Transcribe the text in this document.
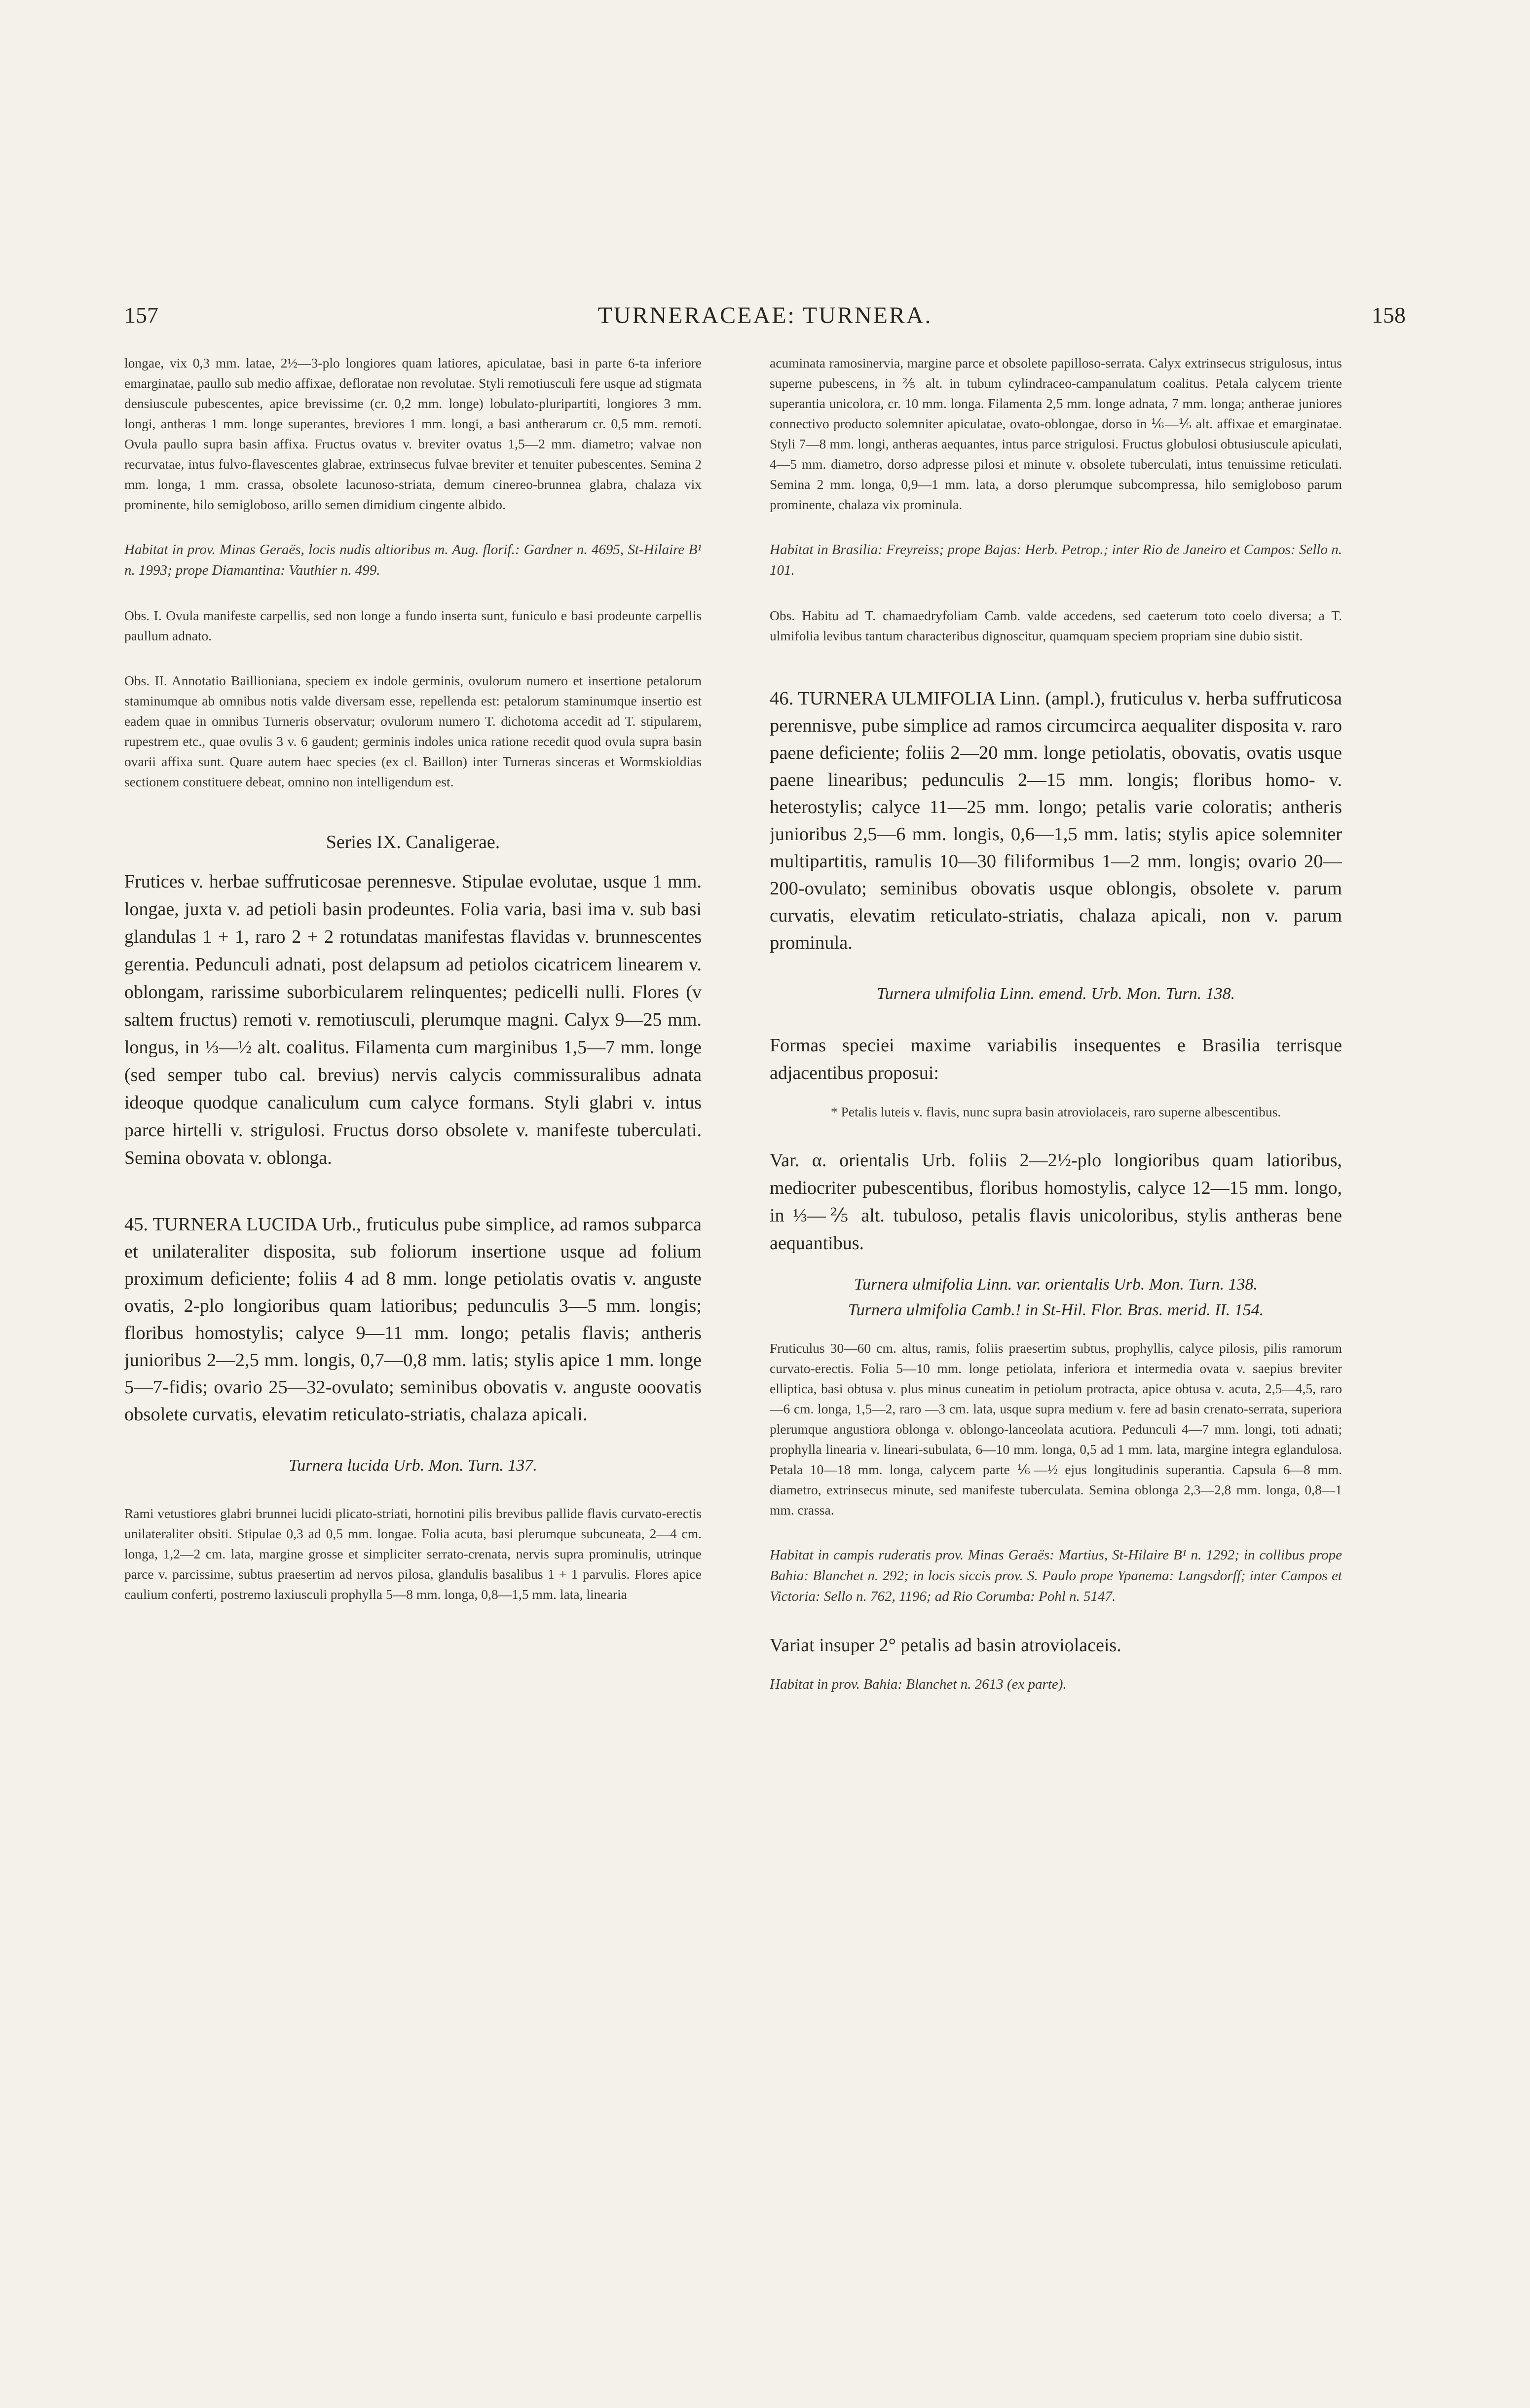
157	TURNERACEAE: TURNERA.	158

longae, vix 0,3 mm. latae, 2½—3-plo longiores quam latiores, apiculatae, basi in parte 6-ta inferiore emarginatae, paullo sub medio affixae, defloratae non revolutae. Styli remotiusculi fere usque ad stigmata densiuscule pubescentes, apice brevissime (cr. 0,2 mm. longe) lobulato-pluripartiti, longiores 3 mm. longi, antheras 1 mm. longe superantes, breviores 1 mm. longi, a basi antherarum cr. 0,5 mm. remoti. Ovula paullo supra basin affixa. Fructus ovatus v. breviter ovatus 1,5—2 mm. diametro; valvae non recurvatae, intus fulvo-flavescentes glabrae, extrinsecus fulvae breviter et tenuiter pubescentes. Semina 2 mm. longa, 1 mm. crassa, obsolete lacunoso-striata, demum cinereo-brunnea glabra, chalaza vix prominente, hilo semigloboso, arillo semen dimidium cingente albido.

Habitat in prov. Minas Geraës, locis nudis altioribus m. Aug. florif.: Gardner n. 4695, St-Hilaire B¹ n. 1993; prope Diamantina: Vauthier n. 499.

Obs. I. Ovula manifeste carpellis, sed non longe a fundo inserta sunt, funiculo e basi prodeunte carpellis paullum adnato.

Obs. II. Annotatio Baillioniana, speciem ex indole germinis, ovulorum numero et insertione petalorum staminumque ab omnibus notis valde diversam esse, repellenda est: petalorum staminumque insertio est eadem quae in omnibus Turneris observatur; ovulorum numero T. dichotoma accedit ad T. stipularem, rupestrem etc., quae ovulis 3 v. 6 gaudent; germinis indoles unica ratione recedit quod ovula supra basin ovarii affixa sunt. Quare autem haec species (ex cl. Baillon) inter Turneras sinceras et Wormskioldias sectionem constituere debeat, omnino non intelligendum est.

Series IX. Canaligerae.

Frutices v. herbae suffruticosae perennesve. Stipulae evolutae, usque 1 mm. longae, juxta v. ad petioli basin prodeuntes. Folia varia, basi ima v. sub basi glandulas 1 + 1, raro 2 + 2 rotundatas manifestas flavidas v. brunnescentes gerentia. Pedunculi adnati, post delapsum ad petiolos cicatricem linearem v. oblongam, rarissime suborbicularem relinquentes; pedicelli nulli. Flores (v saltem fructus) remoti v. remotiusculi, plerumque magni. Calyx 9—25 mm. longus, in ⅓—½ alt. coalitus. Filamenta cum marginibus 1,5—7 mm. longe (sed semper tubo cal. brevius) nervis calycis commissuralibus adnata ideoque quodque canaliculum cum calyce formans. Styli glabri v. intus parce hirtelli v. strigulosi. Fructus dorso obsolete v. manifeste tuberculati. Semina obovata v. oblonga.

45. TURNERA LUCIDA Urb., fruticulus pube simplice, ad ramos subparca et unilateraliter disposita, sub foliorum insertione usque ad folium proximum deficiente; foliis 4 ad 8 mm. longe petiolatis ovatis v. anguste ovatis, 2-plo longioribus quam latioribus; pedunculis 3—5 mm. longis; floribus homostylis; calyce 9—11 mm. longo; petalis flavis; antheris junioribus 2—2,5 mm. longis, 0,7—0,8 mm. latis; stylis apice 1 mm. longe 5—7-fidis; ovario 25—32-ovulato; seminibus obovatis v. anguste ooovatis obsolete curvatis, elevatim reticulato-striatis, chalaza apicali.

Turnera lucida Urb. Mon. Turn. 137.

Rami vetustiores glabri brunnei lucidi plicato-striati, hornotini pilis brevibus pallide flavis curvato-erectis unilateraliter obsiti. Stipulae 0,3 ad 0,5 mm. longae. Folia acuta, basi plerumque subcuneata, 2—4 cm. longa, 1,2—2 cm. lata, margine grosse et simpliciter serrato-crenata, nervis supra prominulis, utrinque parce v. parcissime, subtus praesertim ad nervos pilosa, glandulis basalibus 1 + 1 parvulis. Flores apice caulium conferti, postremo laxiusculi prophylla 5—8 mm. longa, 0,8—1,5 mm. lata, linearia

acuminata ramosinervia, margine parce et obsolete papilloso-serrata. Calyx extrinsecus strigulosus, intus superne pubescens, in ⅖ alt. in tubum cylindraceo-campanulatum coalitus. Petala calycem triente superantia unicolora, cr. 10 mm. longa. Filamenta 2,5 mm. longe adnata, 7 mm. longa; antherae juniores connectivo producto solemniter apiculatae, ovato-oblongae, dorso in ⅙—⅕ alt. affixae et emarginatae. Styli 7—8 mm. longi, antheras aequantes, intus parce strigulosi. Fructus globulosi obtusiuscule apiculati, 4—5 mm. diametro, dorso adpresse pilosi et minute v. obsolete tuberculati, intus tenuissime reticulati. Semina 2 mm. longa, 0,9—1 mm. lata, a dorso plerumque subcompressa, hilo semigloboso parum prominente, chalaza vix prominula.

Habitat in Brasilia: Freyreiss; prope Bajas: Herb. Petrop.; inter Rio de Janeiro et Campos: Sello n. 101.

Obs. Habitu ad T. chamaedryfoliam Camb. valde accedens, sed caeterum toto coelo diversa; a T. ulmifolia levibus tantum characteribus dignoscitur, quamquam speciem propriam sine dubio sistit.

46. TURNERA ULMIFOLIA Linn. (ampl.), fruticulus v. herba suffruticosa perennisve, pube simplice ad ramos circumcirca aequaliter disposita v. raro paene deficiente; foliis 2—20 mm. longe petiolatis, obovatis, ovatis usque paene linearibus; pedunculis 2—15 mm. longis; floribus homo- v. heterostylis; calyce 11—25 mm. longo; petalis varie coloratis; antheris junioribus 2,5—6 mm. longis, 0,6—1,5 mm. latis; stylis apice solemniter multipartitis, ramulis 10—30 filiformibus 1—2 mm. longis; ovario 20—200-ovulato; seminibus obovatis usque oblongis, obsolete v. parum curvatis, elevatim reticulato-striatis, chalaza apicali, non v. parum prominula.

Turnera ulmifolia Linn. emend. Urb. Mon. Turn. 138.

Formas speciei maxime variabilis insequentes e Brasilia terrisque adjacentibus proposui:

* Petalis luteis v. flavis, nunc supra basin atroviolaceis, raro superne albescentibus.

Var. α. orientalis Urb. foliis 2—2½-plo longioribus quam latioribus, mediocriter pubescentibus, floribus homostylis, calyce 12—15 mm. longo, in ⅓—⅖ alt. tubuloso, petalis flavis unicoloribus, stylis antheras bene aequantibus.

Turnera ulmifolia Linn. var. orientalis Urb. Mon. Turn. 138.

Turnera ulmifolia Camb.! in St-Hil. Flor. Bras. merid. II. 154.

Fruticulus 30—60 cm. altus, ramis, foliis praesertim subtus, prophyllis, calyce pilosis, pilis ramorum curvato-erectis. Folia 5—10 mm. longe petiolata, inferiora et intermedia ovata v. saepius breviter elliptica, basi obtusa v. plus minus cuneatim in petiolum protracta, apice obtusa v. acuta, 2,5—4,5, raro —6 cm. longa, 1,5—2, raro —3 cm. lata, usque supra medium v. fere ad basin crenato-serrata, superiora plerumque angustiora oblonga v. oblongo-lanceolata acutiora. Pedunculi 4—7 mm. longi, toti adnati; prophylla linearia v. lineari-subulata, 6—10 mm. longa, 0,5 ad 1 mm. lata, margine integra eglandulosa. Petala 10—18 mm. longa, calycem parte ⅙—½ ejus longitudinis superantia. Capsula 6—8 mm. diametro, extrinsecus minute, sed manifeste tuberculata. Semina oblonga 2,3—2,8 mm. longa, 0,8—1 mm. crassa.

Habitat in campis ruderatis prov. Minas Geraës: Martius, St-Hilaire B¹ n. 1292; in collibus prope Bahia: Blanchet n. 292; in locis siccis prov. S. Paulo prope Ypanema: Langsdorff; inter Campos et Victoria: Sello n. 762, 1196; ad Rio Corumba: Pohl n. 5147.

Variat insuper 2° petalis ad basin atroviolaceis.

Habitat in prov. Bahia: Blanchet n. 2613 (ex parte).
